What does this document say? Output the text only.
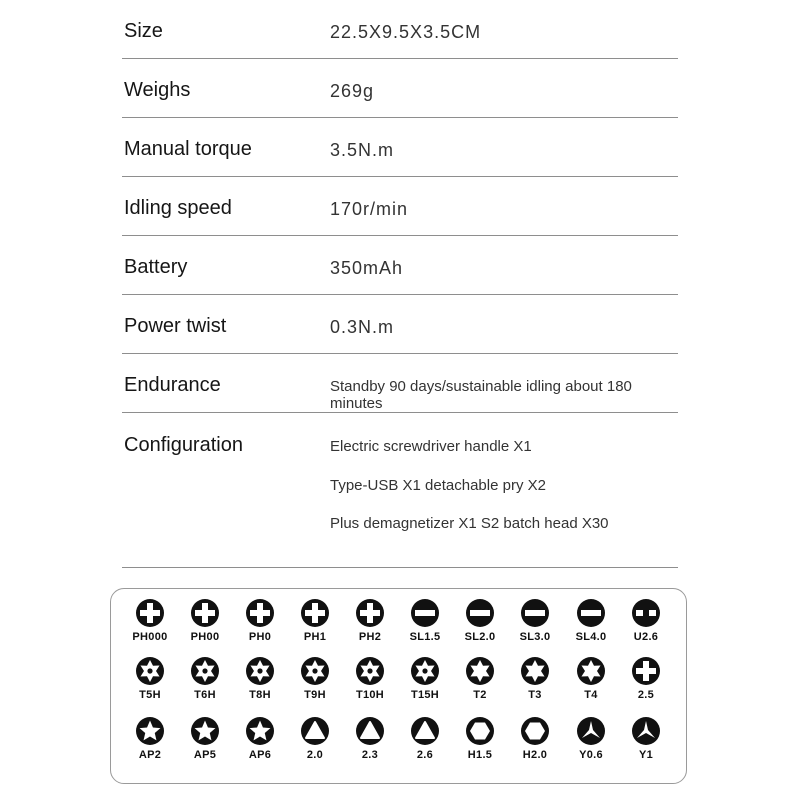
Size	22.5X9.5X3.5CM
Weighs	269g
Manual torque	3.5N.m
Idling speed	170r/min
Battery	350mAh
Power twist	0.3N.m
Endurance	Standby 90 days/sustainable idling about 180 minutes
Configuration	Electric screwdriver handle X1
Type-USB X1 detachable pry X2
Plus demagnetizer X1 S2 batch head X30
PH000	PH00	PH0	PH1	PH2	SL1.5	SL2.0	SL3.0	SL4.0	U2.6
T5H	T6H	T8H	T9H	T10H	T15H	T2	T3	T4	2.5
AP2	AP5	AP6	2.0	2.3	2.6	H1.5	H2.0	Y0.6	Y1
